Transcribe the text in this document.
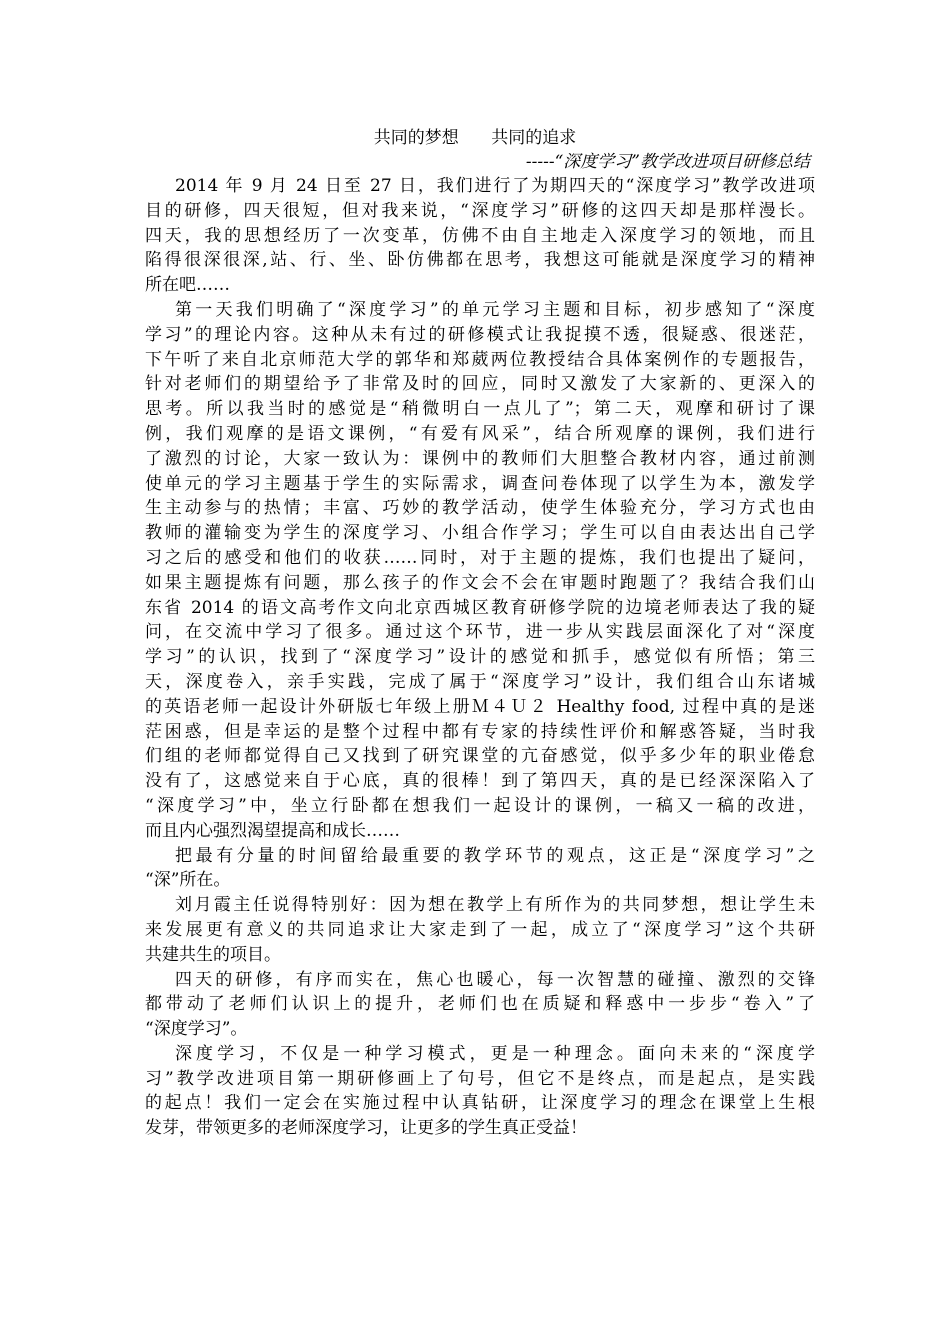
共同的梦想      共同的追求
-----“深度学习”教学改进项目研修总结
2014 年 9 月 24 日至 27 日，我们进行了为期四天的“深度学习”教学改进项
目的研修，四天很短，但对我来说，“深度学习”研修的这四天却是那样漫长。
四天，我的思想经历了一次变革，仿佛不由自主地走入深度学习的领地，而且
陷得很深很深,站、行、坐、卧仿佛都在思考，我想这可能就是深度学习的精神
所在吧……
第一天我们明确了“深度学习”的单元学习主题和目标，初步感知了“深度
学习”的理论内容。这种从未有过的研修模式让我捉摸不透，很疑惑、很迷茫，
下午听了来自北京师范大学的郭华和郑葳两位教授结合具体案例作的专题报告，
针对老师们的期望给予了非常及时的回应，同时又激发了大家新的、更深入的
思考。所以我当时的感觉是“稍微明白一点儿了”；第二天，观摩和研讨了课
例，我们观摩的是语文课例，“有爱有风采”，结合所观摩的课例，我们进行
了激烈的讨论，大家一致认为：课例中的教师们大胆整合教材内容，通过前测
使单元的学习主题基于学生的实际需求，调查问卷体现了以学生为本，激发学
生主动参与的热情；丰富、巧妙的教学活动，使学生体验充分，学习方式也由
教师的灌输变为学生的深度学习、小组合作学习；学生可以自由表达出自己学
习之后的感受和他们的收获……同时，对于主题的提炼，我们也提出了疑问，
如果主题提炼有问题，那么孩子的作文会不会在审题时跑题了？我结合我们山
东省 2014 的语文高考作文向北京西城区教育研修学院的边境老师表达了我的疑
问，在交流中学习了很多。通过这个环节，进一步从实践层面深化了对“深度
学习”的认识，找到了“深度学习”设计的感觉和抓手，感觉似有所悟；第三
天，深度卷入，亲手实践，完成了属于“深度学习”设计，我们组合山东诸城
的英语老师一起设计外研版七年级上册Ｍ４Ｕ２ Healthy food, 过程中真的是迷
茫困惑，但是幸运的是整个过程中都有专家的持续性评价和解惑答疑，当时我
们组的老师都觉得自己又找到了研究课堂的亢奋感觉，似乎多少年的职业倦怠
没有了，这感觉来自于心底，真的很棒！到了第四天，真的是已经深深陷入了
“深度学习”中，坐立行卧都在想我们一起设计的课例，一稿又一稿的改进，
而且内心强烈渴望提高和成长……
把最有分量的时间留给最重要的教学环节的观点，这正是“深度学习”之
“深”所在。
刘月霞主任说得特别好：因为想在教学上有所作为的共同梦想，想让学生未
来发展更有意义的共同追求让大家走到了一起，成立了“深度学习”这个共研
共建共生的项目。
四天的研修，有序而实在，焦心也暖心，每一次智慧的碰撞、激烈的交锋
都带动了老师们认识上的提升，老师们也在质疑和释惑中一步步“卷入”了
“深度学习”。
深度学习，不仅是一种学习模式，更是一种理念。面向未来的“深度学
习”教学改进项目第一期研修画上了句号，但它不是终点，而是起点，是实践
的起点！我们一定会在实施过程中认真钻研，让深度学习的理念在课堂上生根
发芽，带领更多的老师深度学习，让更多的学生真正受益！
